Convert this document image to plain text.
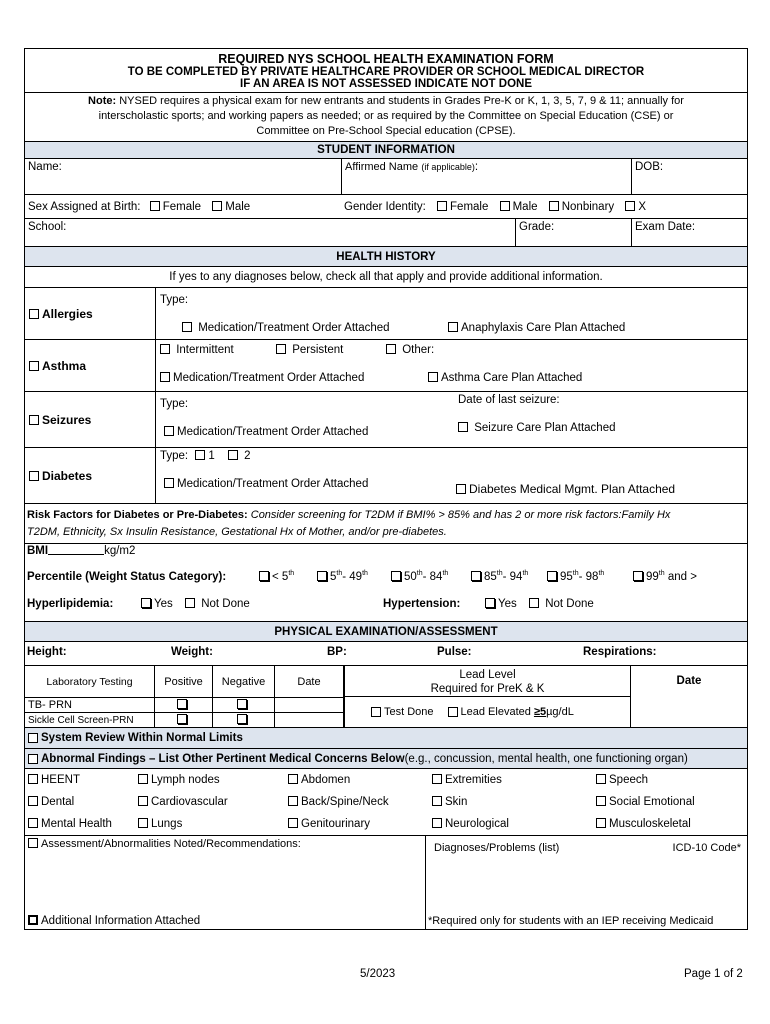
REQUIRED NYS SCHOOL HEALTH EXAMINATION FORM
TO BE COMPLETED BY PRIVATE HEALTHCARE PROVIDER OR SCHOOL MEDICAL DIRECTOR
IF AN AREA IS NOT ASSESSED INDICATE NOT DONE
Note: NYSED requires a physical exam for new entrants and students in Grades Pre-K or K, 1, 3, 5, 7, 9 & 11; annually for
interscholastic sports; and working papers as needed; or as required by the Committee on Special Education (CSE) or
Committee on Pre-School Special education (CPSE).
STUDENT INFORMATION
Name:	Affirmed Name (if applicable):	DOB:
Sex Assigned at Birth: Female Male	Gender Identity: Female Male Nonbinary X
School:	Grade:	Exam Date:
HEALTH HISTORY
If yes to any diagnoses below, check all that apply and provide additional information.
Allergies
Type:
Medication/Treatment Order Attached	Anaphylaxis Care Plan Attached
Asthma
Intermittent	Persistent	Other:
Medication/Treatment Order Attached	Asthma Care Plan Attached
Seizures
Type:	Date of last seizure:
Medication/Treatment Order Attached	Seizure Care Plan Attached
Diabetes
Type: 1	2
Medication/Treatment Order Attached	Diabetes Medical Mgmt. Plan Attached
Risk Factors for Diabetes or Pre-Diabetes: Consider screening for T2DM if BMI% > 85% and has 2 or more risk factors:Family Hx
T2DM, Ethnicity, Sx Insulin Resistance, Gestational Hx of Mother, and/or pre-diabetes.
BMI	kg/m2
Percentile (Weight Status Category):	< 5th	5th- 49th	50th- 84th	85th- 94th	95th- 98th	99th and >
Hyperlipidemia:	Yes	Not Done	Hypertension:	Yes	Not Done
PHYSICAL EXAMINATION/ASSESSMENT
Height:	Weight:	BP:	Pulse:	Respirations:
Laboratory Testing	Positive	Negative	Date
TB- PRN			
Sickle Cell Screen-PRN			
Lead Level
Required for PreK & K
Test Done Lead Elevated
≥5 µg/dL
Date
System Review Within Normal Limits
Abnormal Findings – List Other Pertinent Medical Concerns Below (e.g., concussion, mental health, one functioning organ)
HEENT	Lymph nodes	Abdomen	Extremities	Speech
Dental	Cardiovascular	Back/Spine/Neck	Skin	Social Emotional
Mental Health	Lungs	Genitourinary	Neurological	Musculoskeletal
Assessment/Abnormalities Noted/Recommendations:
Additional Information Attached
Diagnoses/Problems (list)	ICD-10 Code*
*Required only for students with an IEP receiving Medicaid
5/2023	Page 1 of 2
